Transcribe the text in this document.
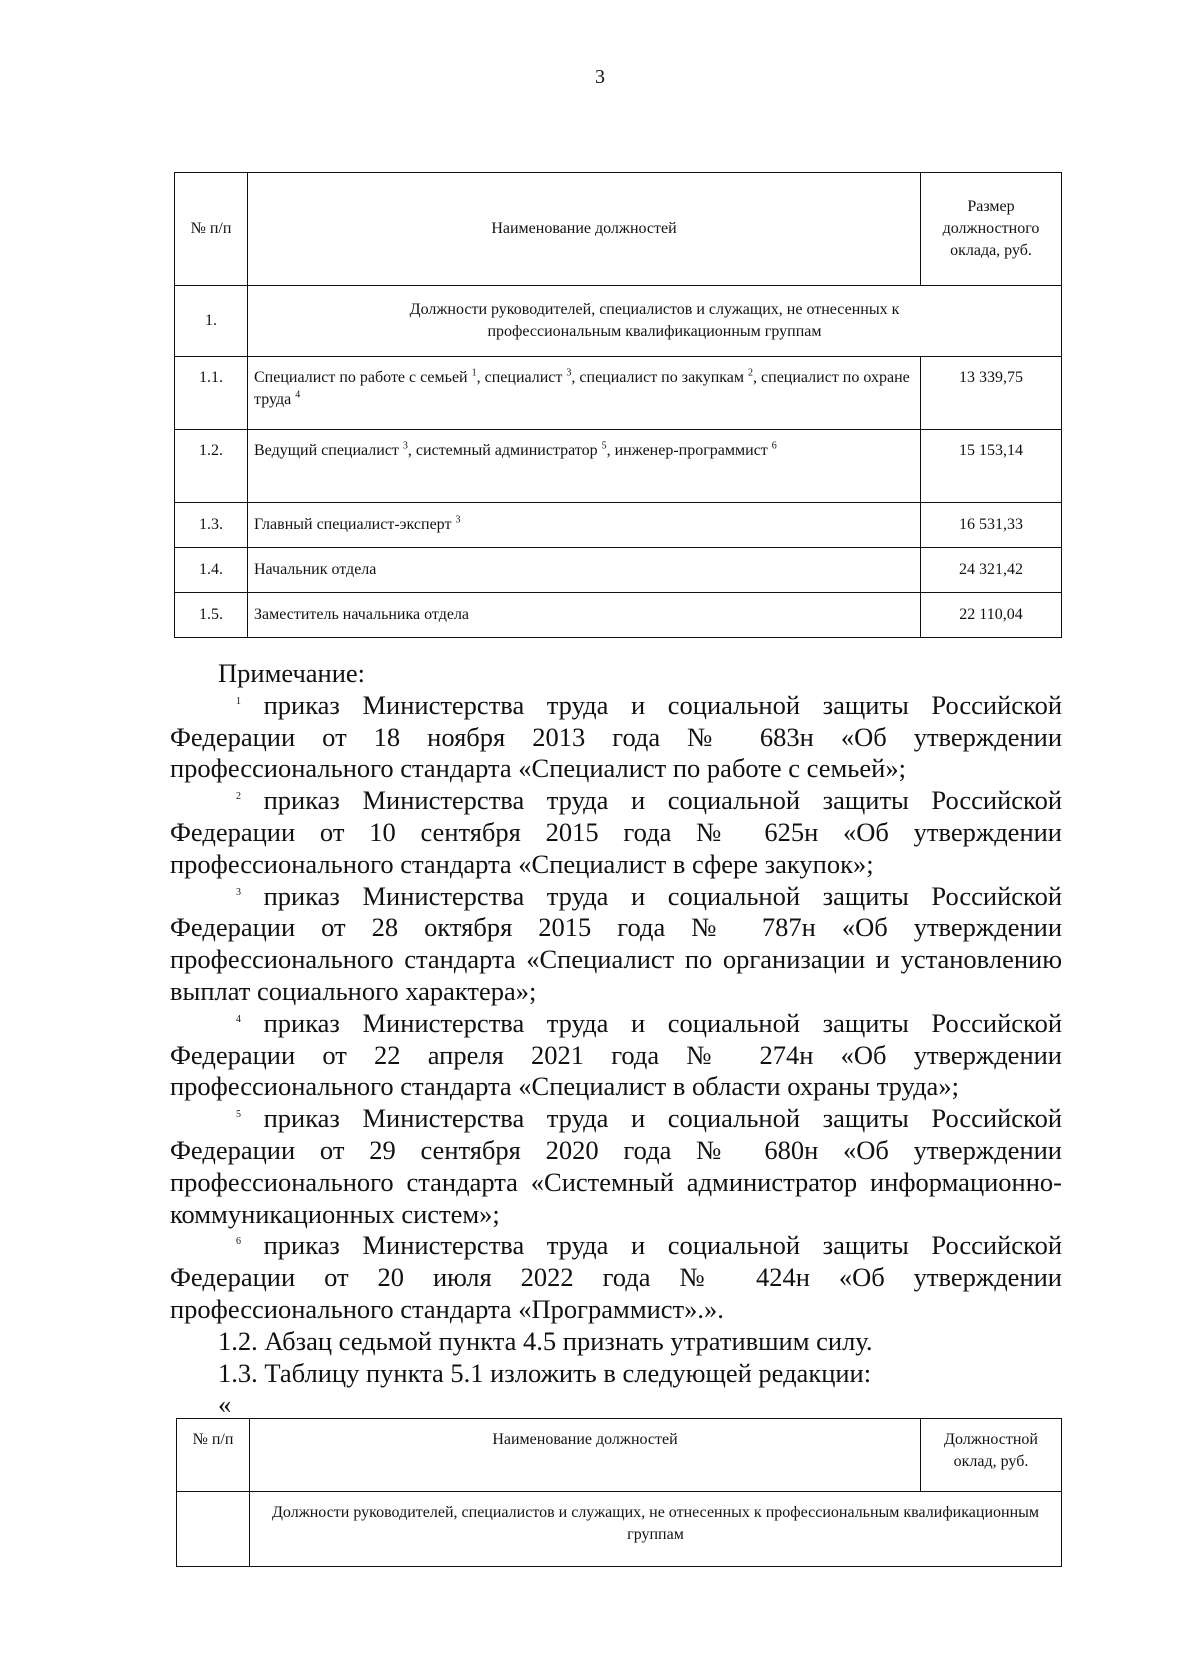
3
№ п/п	Наименование должностей	Размер должностного оклада, руб.
1.	Должности руководителей, специалистов и служащих, не отнесенных к профессиональным квалификационным группам	
1.1.	Специалист по работе с семьей $^1$, специалист $^3$, специалист по закупкам $^2$, специалист по охране труда $^4$	13 339,75
1.2.	Ведущий специалист $^3$, системный администратор $^5$, инженер-программист $^6$	15 153,14
1.3.	Главный специалист-эксперт $^3$	16 531,33
1.4.	Начальник отдела	24 321,42
1.5.	Заместитель начальника отдела	22 110,04

Примечание:

$^1$ приказ Министерства труда и социальной защиты Российской Федерации от 18 ноября 2013 года № 683н «Об утверждении профессионального стандарта «Специалист по работе с семьей»;

$^2$ приказ Министерства труда и социальной защиты Российской Федерации от 10 сентября 2015 года № 625н «Об утверждении профессионального стандарта «Специалист в сфере закупок»;

$^3$ приказ Министерства труда и социальной защиты Российской Федерации от 28 октября 2015 года № 787н «Об утверждении профессионального стандарта «Специалист по организации и установлению выплат социального характера»;

$^4$ приказ Министерства труда и социальной защиты Российской Федерации от 22 апреля 2021 года № 274н «Об утверждении профессионального стандарта «Специалист в области охраны труда»;

$^5$ приказ Министерства труда и социальной защиты Российской Федерации от 29 сентября 2020 года № 680н «Об утверждении профессионального стандарта «Системный администратор информационно-коммуникационных систем»;

$^6$ приказ Министерства труда и социальной защиты Российской Федерации от 20 июля 2022 года № 424н «Об утверждении профессионального стандарта «Программист».».

1.2. Абзац седьмой пункта 4.5 признать утратившим силу.

1.3. Таблицу пункта 5.1 изложить в следующей редакции:

«

№ п/п	Наименование должностей	Должностной оклад, руб.
	Должности руководителей, специалистов и служащих, не отнесенных к профессиональным квалификационным группам	
